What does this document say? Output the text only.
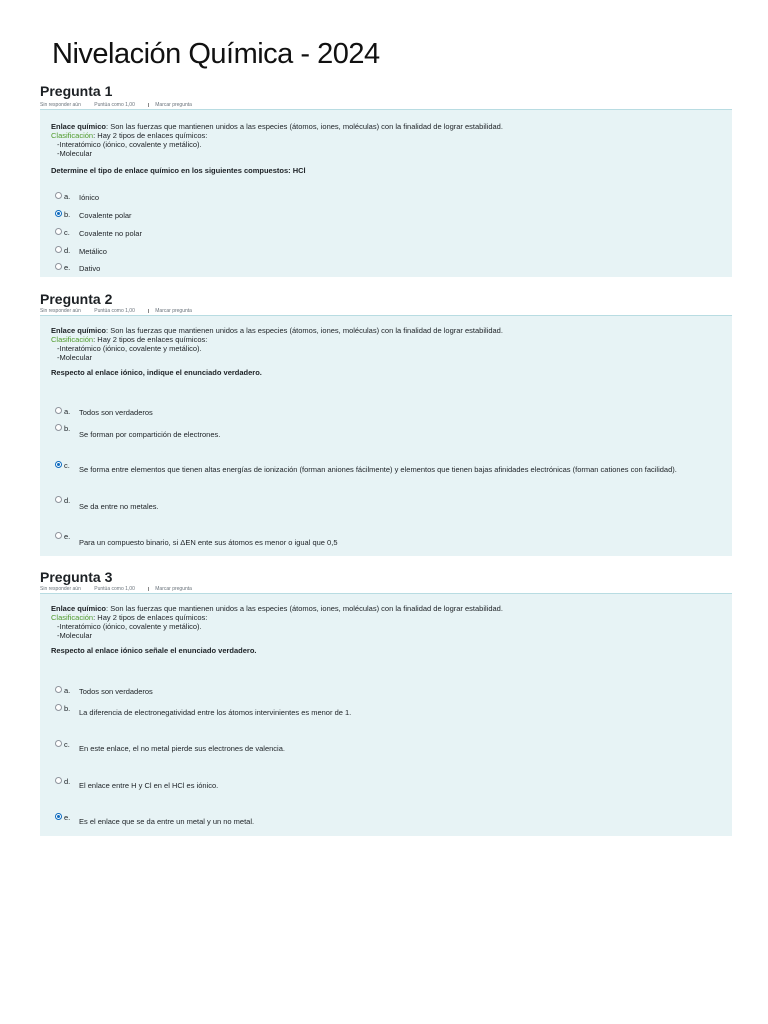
Nivelación Química - 2024
Pregunta 1
Sin responder aún	Puntúa como 1,00	Marcar pregunta
Enlace químico: Son las fuerzas que mantienen unidos a las especies (átomos, iones, moléculas) con la finalidad de lograr estabilidad.
Clasificación: Hay 2 tipos de enlaces químicos:
-Interatómico (iónico, covalente y metálico).
-Molecular
Determine el tipo de enlace químico en los siguientes compuestos: HCl
a. Iónico
b. Covalente polar
c. Covalente no polar
d. Metálico
e. Dativo
Pregunta 2
Sin responder aún	Puntúa como 1,00	Marcar pregunta
Enlace químico: Son las fuerzas que mantienen unidos a las especies (átomos, iones, moléculas) con la finalidad de lograr estabilidad.
Clasificación: Hay 2 tipos de enlaces químicos:
-Interatómico (iónico, covalente y metálico).
-Molecular
Respecto al enlace iónico, indique el enunciado verdadero.
a. Todos son verdaderos
b.
Se forman por compartición de electrones.
c. Se forma entre elementos que tienen altas energías de ionización (forman aniones fácilmente) y elementos que tienen bajas afinidades electrónicas (forman cationes con facilidad).
d.
Se da entre no metales.
e.
Para un compuesto binario, si ΔEN ente sus átomos es menor o igual que 0,5
Pregunta 3
Sin responder aún	Puntúa como 1,00	Marcar pregunta
Enlace químico: Son las fuerzas que mantienen unidos a las especies (átomos, iones, moléculas) con la finalidad de lograr estabilidad.
Clasificación: Hay 2 tipos de enlaces químicos:
-Interatómico (iónico, covalente y metálico).
-Molecular
Respecto al enlace iónico señale el enunciado verdadero.
a. Todos son verdaderos
b. La diferencia de electronegatividad entre los átomos intervinientes es menor de 1.
c. En este enlace, el no metal pierde sus electrones de valencia.
d. El enlace entre H y Cl en el HCl es iónico.
e. Es el enlace que se da entre un metal y un no metal.
